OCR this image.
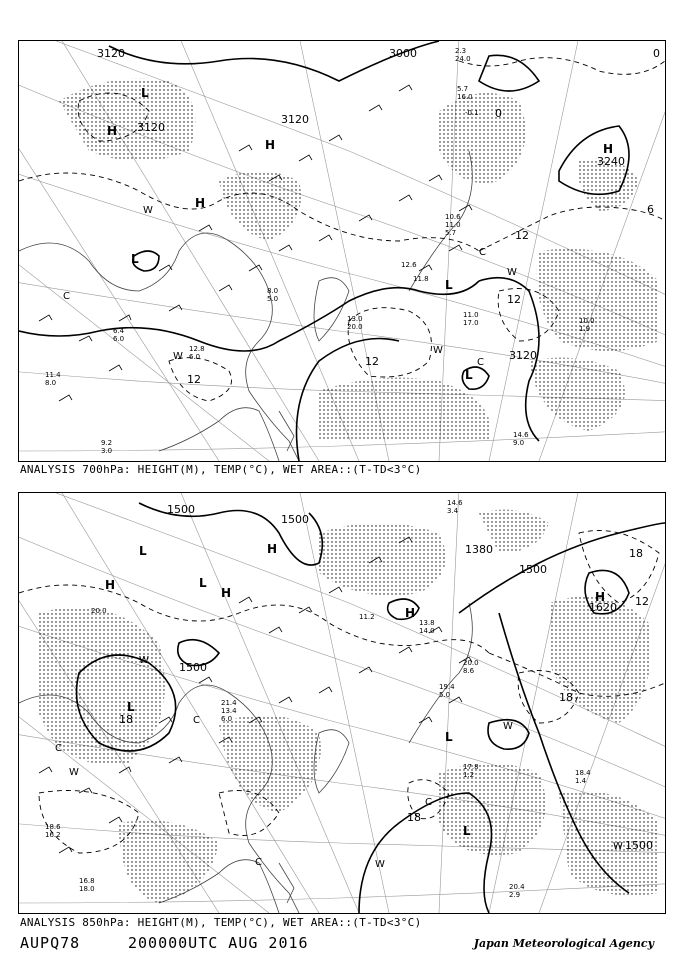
3000
3120
3120
3120
3120
3240
12
12
12
12
0
0
6
H
H
H
H
L
L
L
L
W
W
W
W
C
C
C
2.3
24.0
5.7
16.0
-0.1
11.8
12.6
10.6
11.0
5.7
13.0
20.0
11.0
17.0	10.0
1.9
14.6
9.0
9.2
3.0
11.4
8.0
6.4
6.0
8.0
5.0
12.8
6.0
ANALYSIS 700hPa: HEIGHT(M), TEMP(°C), WET AREA::(T-TD<3°C)
1500
1500
1500
1500
1500
1620
1380	18
18
18
12
18
H
H
H
H
H
L
L
L
L
L
W
W
W
W
W
C
C
C
C
14.6
3.4
20.0
8.6
17.8
1.2	18.4
1.4
20.4
2.9
19.4
5.0
21.4
13.4
6.0
18.6
16.2
16.8
18.0
20.0
11.2
13.8
14.0
ANALYSIS 850hPa: HEIGHT(M), TEMP(°C), WET AREA::(T-TD<3°C)
AUPQ78	200000UTC AUG 2016	Japan Meteorological Agency
